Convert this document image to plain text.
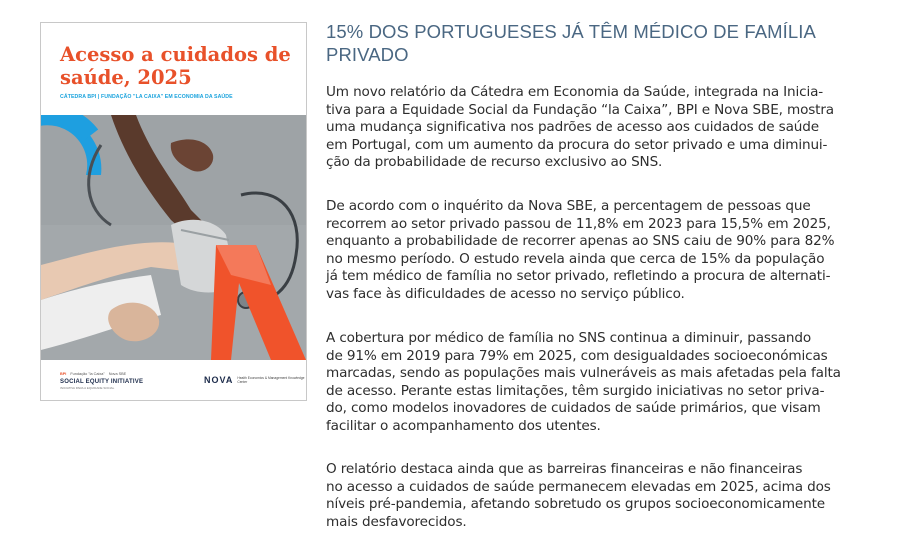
Acesso a cuidados de saúde, 2025
CÁTEDRA BPI | FUNDAÇÃO "LA CAIXA" EM ECONOMIA DA SAÚDE
BPI Fundação "la Caixa" Nova SBE
SOCIAL EQUITY INITIATIVE
INICIATIVA PARA A EQUIDADE SOCIAL
NOVA Health Economics & Management Knowledge Center
15% DOS PORTUGUESES JÁ TÊM MÉDICO DE FAMÍLIA
PRIVADO

Um novo relatório da Cátedra em Economia da Saúde, integrada na Inicia-
tiva para a Equidade Social da Fundação “la Caixa”, BPI e Nova SBE, mostra
uma mudança significativa nos padrões de acesso aos cuidados de saúde
em Portugal, com um aumento da procura do setor privado e uma diminui-
ção da probabilidade de recurso exclusivo ao SNS.

De acordo com o inquérito da Nova SBE, a percentagem de pessoas que
recorrem ao setor privado passou de 11,8% em 2023 para 15,5% em 2025,
enquanto a probabilidade de recorrer apenas ao SNS caiu de 90% para 82%
no mesmo período. O estudo revela ainda que cerca de 15% da população
já tem médico de família no setor privado, refletindo a procura de alternati-
vas face às dificuldades de acesso no serviço público.

A cobertura por médico de família no SNS continua a diminuir, passando
de 91% em 2019 para 79% em 2025, com desigualdades socioeconómicas
marcadas, sendo as populações mais vulneráveis as mais afetadas pela falta
de acesso. Perante estas limitações, têm surgido iniciativas no setor priva-
do, como modelos inovadores de cuidados de saúde primários, que visam
facilitar o acompanhamento dos utentes.

O relatório destaca ainda que as barreiras financeiras e não financeiras
no acesso a cuidados de saúde permanecem elevadas em 2025, acima dos
níveis pré-pandemia, afetando sobretudo os grupos socioeconomicamente
mais desfavorecidos.
